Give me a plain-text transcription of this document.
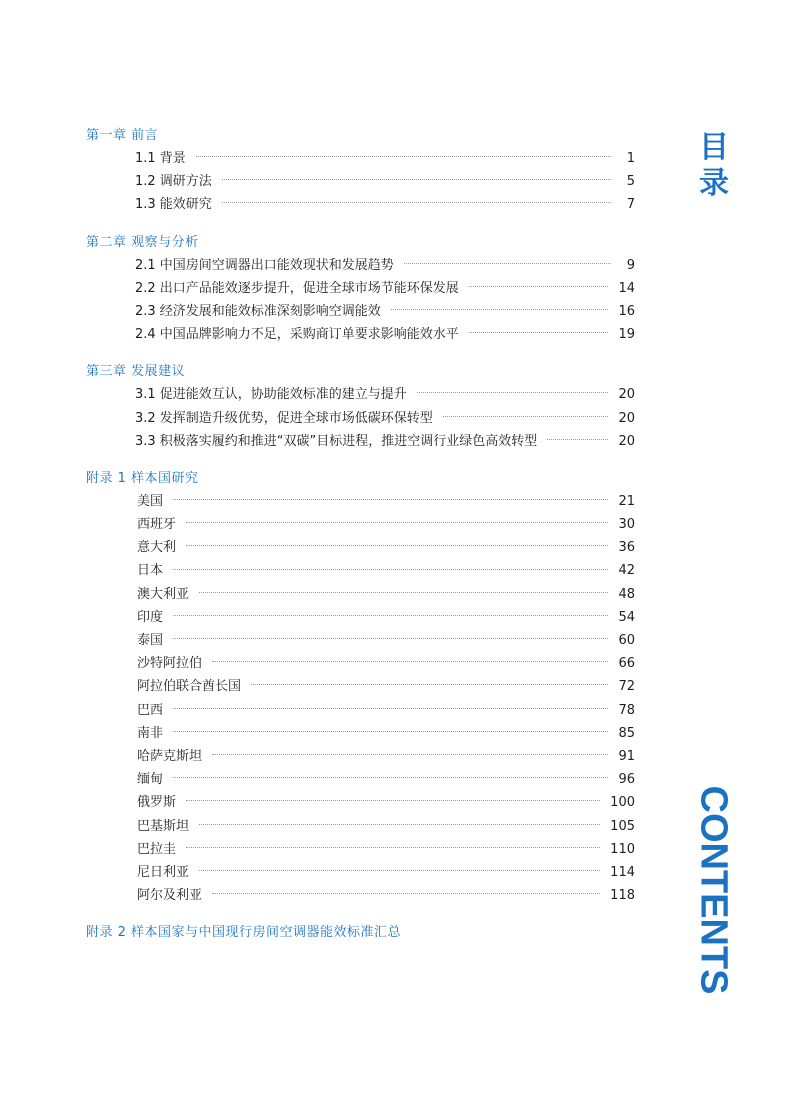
第一章 前言
1.1 背景	1
1.2 调研方法	5
1.3 能效研究	7
第二章 观察与分析
2.1 中国房间空调器出口能效现状和发展趋势	9
2.2 出口产品能效逐步提升，促进全球市场节能环保发展	14
2.3 经济发展和能效标准深刻影响空调能效	16
2.4 中国品牌影响力不足，采购商订单要求影响能效水平	19
第三章 发展建议
3.1 促进能效互认，协助能效标准的建立与提升	20
3.2 发挥制造升级优势，促进全球市场低碳环保转型	20
3.3 积极落实履约和推进“双碳”目标进程，推进空调行业绿色高效转型	20
附录 1 样本国研究
美国	21
西班牙	30
意大利	36
日本	42
澳大利亚	48
印度	54
泰国	60
沙特阿拉伯	66
阿拉伯联合酋长国	72
巴西	78
南非	85
哈萨克斯坦	91
缅甸	96
俄罗斯	100
巴基斯坦	105
巴拉圭	110
尼日利亚	114
阿尔及利亚	118
附录 2 样本国家与中国现行房间空调器能效标准汇总
目
录
CONTENTS
